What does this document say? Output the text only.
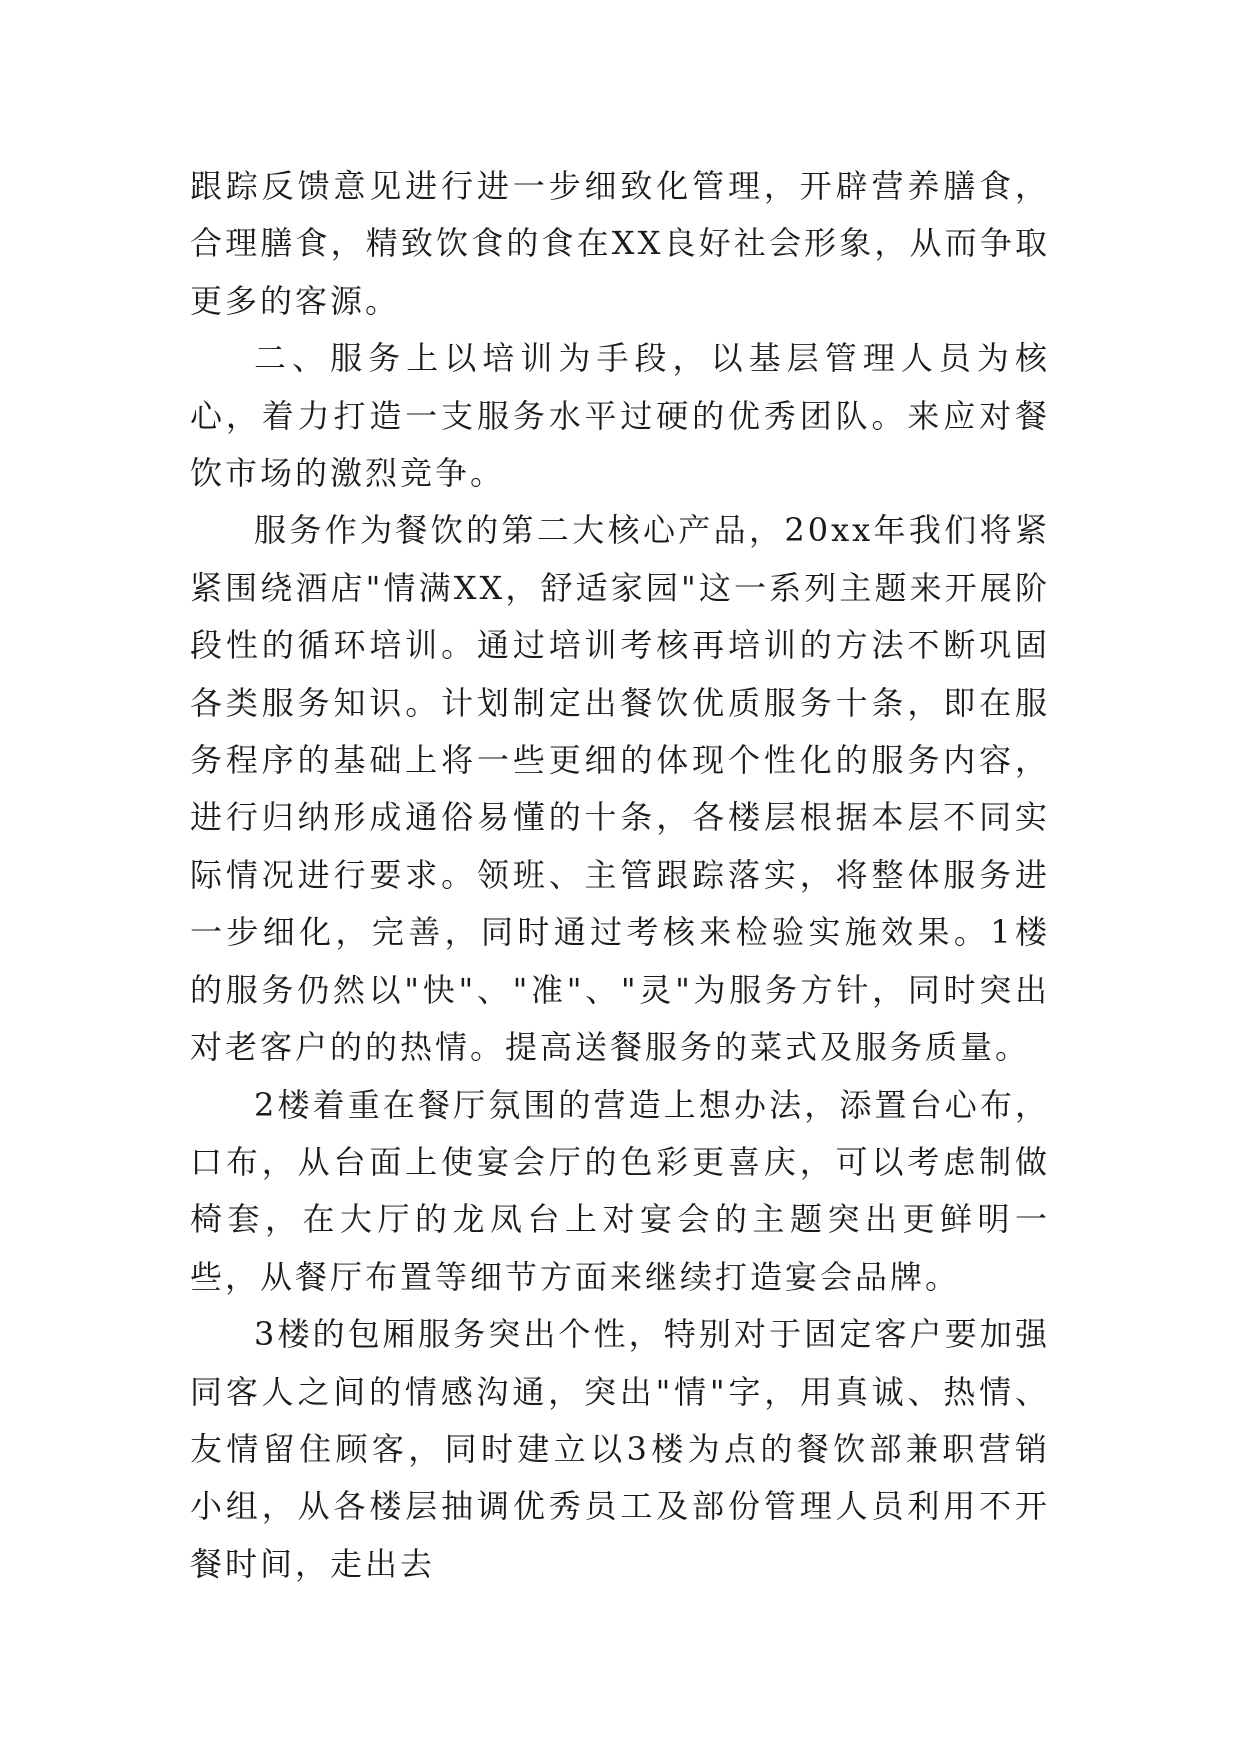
跟踪反馈意见进行进一步细致化管理，开辟营养膳食，合理膳食，精致饮食的食在XX良好社会形象，从而争取更多的客源。

二、服务上以培训为手段，以基层管理人员为核心，着力打造一支服务水平过硬的优秀团队。来应对餐饮市场的激烈竞争。

服务作为餐饮的第二大核心产品，20xx年我们将紧紧围绕酒店"情满XX，舒适家园"这一系列主题来开展阶段性的循环培训。通过培训考核再培训的方法不断巩固各类服务知识。计划制定出餐饮优质服务十条，即在服务程序的基础上将一些更细的体现个性化的服务内容，进行归纳形成通俗易懂的十条，各楼层根据本层不同实际情况进行要求。领班、主管跟踪落实，将整体服务进一步细化，完善，同时通过考核来检验实施效果。1楼的服务仍然以"快"、"准"、"灵"为服务方针，同时突出对老客户的的热情。提高送餐服务的菜式及服务质量。

2楼着重在餐厅氛围的营造上想办法，添置台心布，口布，从台面上使宴会厅的色彩更喜庆，可以考虑制做椅套，在大厅的龙凤台上对宴会的主题突出更鲜明一些，从餐厅布置等细节方面来继续打造宴会品牌。

3楼的包厢服务突出个性，特别对于固定客户要加强同客人之间的情感沟通，突出"情"字，用真诚、热情、友情留住顾客，同时建立以3楼为点的餐饮部兼职营销小组，从各楼层抽调优秀员工及部份管理人员利用不开餐时间，走出去
